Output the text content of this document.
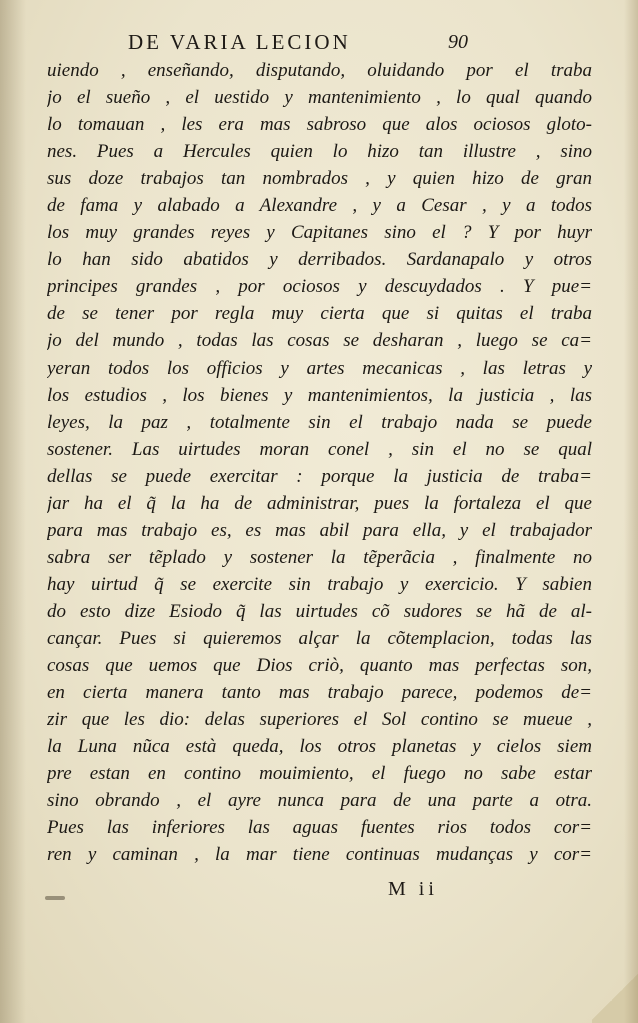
DE VARIA LECION	90
uiendo , enseñando, disputando, oluidando por el traba
jo el sueño , el uestido y mantenimiento , lo qual quando
lo tomauan , les era mas sabroso que alos ociosos gloto-
nes. Pues a Hercules quien lo hizo tan illustre , sino
sus doze trabajos tan nombrados , y quien hizo de gran
de fama y alabado a Alexandre , y a Cesar , y a todos
los muy grandes reyes y Capitanes sino el ? Y por huyr
lo han sido abatidos y derribados. Sardanapalo y otros
principes grandes , por ociosos y descuydados . Y pue=
de se tener por regla muy cierta que si quitas el traba
jo del mundo , todas las cosas se desharan , luego se ca=
yeran todos los officios y artes mecanicas , las letras y
los estudios , los bienes y mantenimientos, la justicia , las
leyes, la paz , totalmente sin el trabajo nada se puede
sostener. Las uirtudes moran conel , sin el no se qual
dellas se puede exercitar : porque la justicia de traba=
jar ha el q̃ la ha de administrar, pues la fortaleza el que
para mas trabajo es, es mas abil para ella, y el trabajador
sabra ser tẽplado y sostener la tẽperãcia , finalmente no
hay uirtud q̃ se exercite sin trabajo y exercicio. Y sabien
do esto dize Esiodo q̃ las uirtudes cõ sudores se hã de al-
cançar. Pues si quieremos alçar la cõtemplacion, todas las
cosas que uemos que Dios criò, quanto mas perfectas son,
en cierta manera tanto mas trabajo parece, podemos de=
zir que les dio: delas superiores el Sol contino se mueue ,
la Luna nũca està queda, los otros planetas y cielos siem
pre estan en contino mouimiento, el fuego no sabe estar
sino obrando , el ayre nunca para de una parte a otra.
Pues las inferiores las aguas fuentes rios todos cor=
ren y caminan , la mar tiene continuas mudanças y cor=
M ii
